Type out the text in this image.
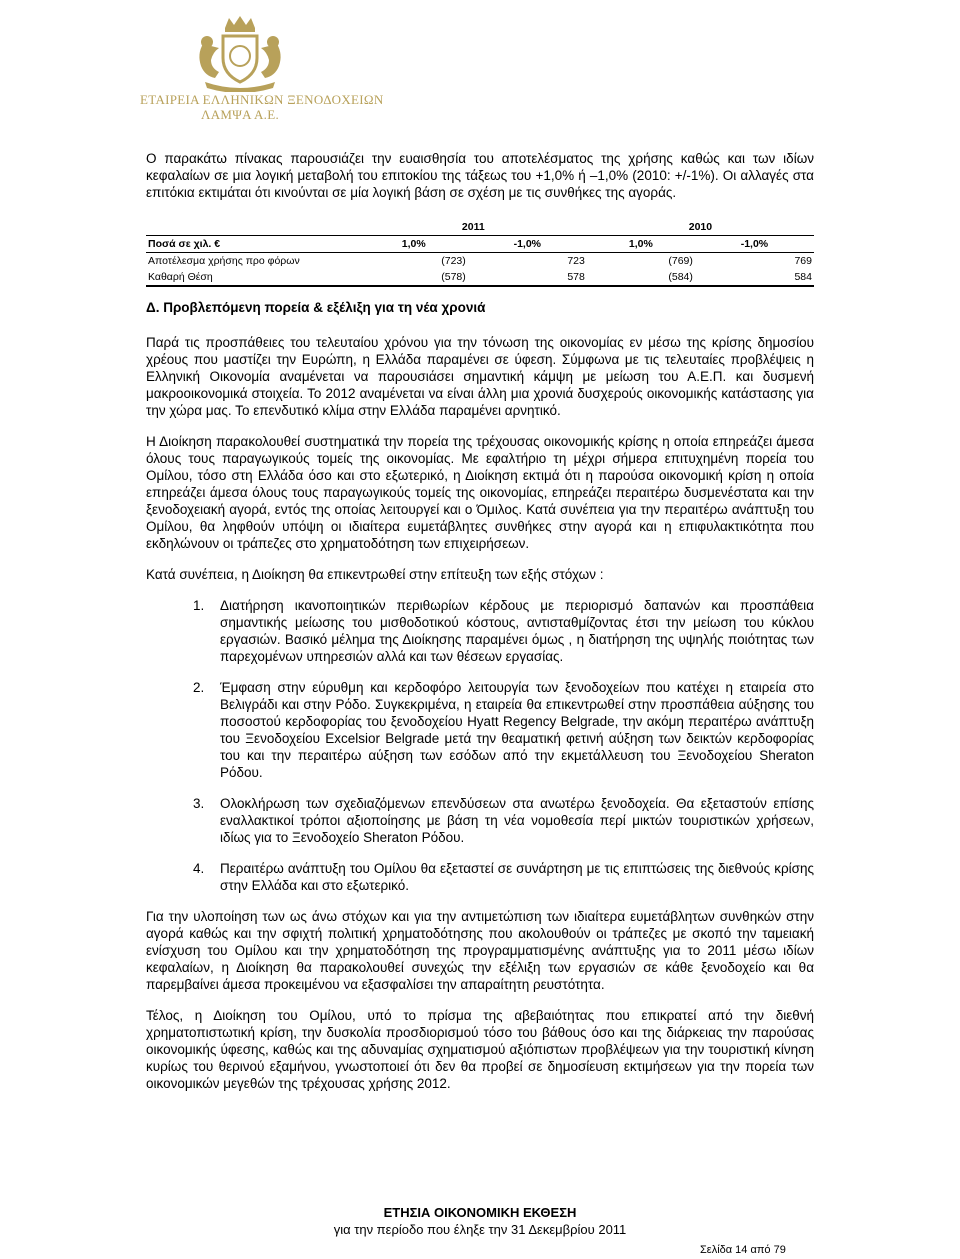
ΕΤΑΙΡΕΙΑ ΕΛΛΗΝΙΚΩΝ ΞΕΝΟΔΟΧΕΙΩΝ
ΛΑΜΨΑ Α.Ε.

Ο παρακάτω πίνακας παρουσιάζει την ευαισθησία του αποτελέσματος της χρήσης καθώς και των ιδίων κεφαλαίων σε μια λογική μεταβολή του επιτοκίου της τάξεως του +1,0% ή –1,0% (2010: +/-1%). Οι αλλαγές στα επιτόκια εκτιμάται ότι κινούνται σε μία λογική βάση σε σχέση με τις συνθήκες της αγοράς.

	2011		2010	
Ποσά σε χιλ. €	1,0%	-1,0%	1,0%	-1,0%
Αποτέλεσμα χρήσης προ φόρων	(723)	723	(769)	769
Καθαρή Θέση	(578)	578	(584)	584
Δ. Προβλεπόμενη πορεία & εξέλιξη για τη νέα χρονιά

Παρά τις προσπάθειες του τελευταίου χρόνου για την τόνωση της οικονομίας εν μέσω της κρίσης δημοσίου χρέους που μαστίζει την Ευρώπη, η Ελλάδα παραμένει σε ύφεση. Σύμφωνα με τις τελευταίες προβλέψεις η Ελληνική Οικονομία αναμένεται να παρουσιάσει σημαντική κάμψη με μείωση του Α.Ε.Π. και δυσμενή μακροοικονομικά στοιχεία. Το 2012 αναμένεται να είναι άλλη μια χρονιά δυσχερούς οικονομικής κατάστασης για την χώρα μας. Το επενδυτικό κλίμα στην Ελλάδα παραμένει αρνητικό.

Η Διοίκηση παρακολουθεί συστηματικά την πορεία της τρέχουσας οικονομικής κρίσης η οποία επηρεάζει άμεσα όλους τους παραγωγικούς τομείς της οικονομίας. Με εφαλτήριο τη μέχρι σήμερα επιτυχημένη πορεία του Ομίλου, τόσο στη Ελλάδα όσο και στο εξωτερικό, η Διοίκηση εκτιμά ότι η παρούσα οικονομική κρίση η οποία επηρεάζει άμεσα όλους τους παραγωγικούς τομείς της οικονομίας, επηρεάζει περαιτέρω δυσμενέστατα και την ξενοδοχειακή αγορά, εντός της οποίας λειτουργεί και ο Όμιλος. Κατά συνέπεια για την περαιτέρω ανάπτυξη του Ομίλου, θα ληφθούν υπόψη οι ιδιαίτερα ευμετάβλητες συνθήκες στην αγορά και η επιφυλακτικότητα που εκδηλώνουν οι τράπεζες στο χρηματοδότηση των επιχειρήσεων.

Κατά συνέπεια, η Διοίκηση θα επικεντρωθεί στην επίτευξη των εξής στόχων :

1. Διατήρηση ικανοποιητικών περιθωρίων κέρδους με περιορισμό δαπανών και προσπάθεια σημαντικής μείωσης του μισθοδοτικού κόστους, αντισταθμίζοντας έτσι την μείωση του κύκλου εργασιών. Βασικό μέλημα της Διοίκησης παραμένει όμως , η διατήρηση της υψηλής ποιότητας των παρεχομένων υπηρεσιών αλλά και των θέσεων εργασίας.
2. Έμφαση στην εύρυθμη και κερδοφόρο λειτουργία των ξενοδοχείων που κατέχει η εταιρεία στο Βελιγράδι και στην Ρόδο. Συγκεκριμένα, η εταιρεία θα επικεντρωθεί στην προσπάθεια αύξησης του ποσοστού κερδοφορίας του ξενοδοχείου Hyatt Regency Belgrade, την ακόμη περαιτέρω ανάπτυξη του Ξενοδοχείου Excelsior Belgrade μετά την θεαματική φετινή αύξηση των δεικτών κερδοφορίας του και την περαιτέρω αύξηση των εσόδων από την εκμετάλλευση του Ξενοδοχείου Sheraton Ρόδου.
3. Ολοκλήρωση των σχεδιαζόμενων επενδύσεων στα ανωτέρω ξενοδοχεία. Θα εξεταστούν επίσης εναλλακτικοί τρόποι αξιοποίησης με βάση τη νέα νομοθεσία περί μικτών τουριστικών χρήσεων, ιδίως για το Ξενοδοχείο Sheraton Ρόδου.
4. Περαιτέρω ανάπτυξη του Ομίλου θα εξεταστεί σε συνάρτηση με τις επιπτώσεις της διεθνούς κρίσης στην Ελλάδα και στο εξωτερικό.

Για την υλοποίηση των ως άνω στόχων και για την αντιμετώπιση των ιδιαίτερα ευμετάβλητων συνθηκών στην αγορά καθώς και την σφιχτή πολιτική χρηματοδότησης που ακολουθούν οι τράπεζες με σκοπό την ταμειακή ενίσχυση του Ομίλου και την χρηματοδότηση της προγραμματισμένης ανάπτυξης για το 2011 μέσω ιδίων κεφαλαίων, η Διοίκηση θα παρακολουθεί συνεχώς την εξέλιξη των εργασιών σε κάθε ξενοδοχείο και θα παρεμβαίνει άμεσα προκειμένου να εξασφαλίσει την απαραίτητη ρευστότητα.

Τέλος, η Διοίκηση του Ομίλου, υπό το πρίσμα της αβεβαιότητας που επικρατεί από την διεθνή χρηματοπιστωτική κρίση, την δυσκολία προσδιορισμού τόσο του βάθους όσο και της διάρκειας την παρούσας οικονομικής ύφεσης, καθώς και της αδυναμίας σχηματισμού αξιόπιστων προβλέψεων για την τουριστική κίνηση κυρίως του θερινού εξαμήνου, γνωστοποιεί ότι δεν θα προβεί σε δημοσίευση εκτιμήσεων για την πορεία των οικονομικών μεγεθών της τρέχουσας χρήσης 2012.

ΕΤΗΣΙΑ ΟΙΚΟΝΟΜΙΚΗ ΕΚΘΕΣΗ
για την περίοδο που έληξε την 31 Δεκεμβρίου 2011
Σελίδα 14 από 79
